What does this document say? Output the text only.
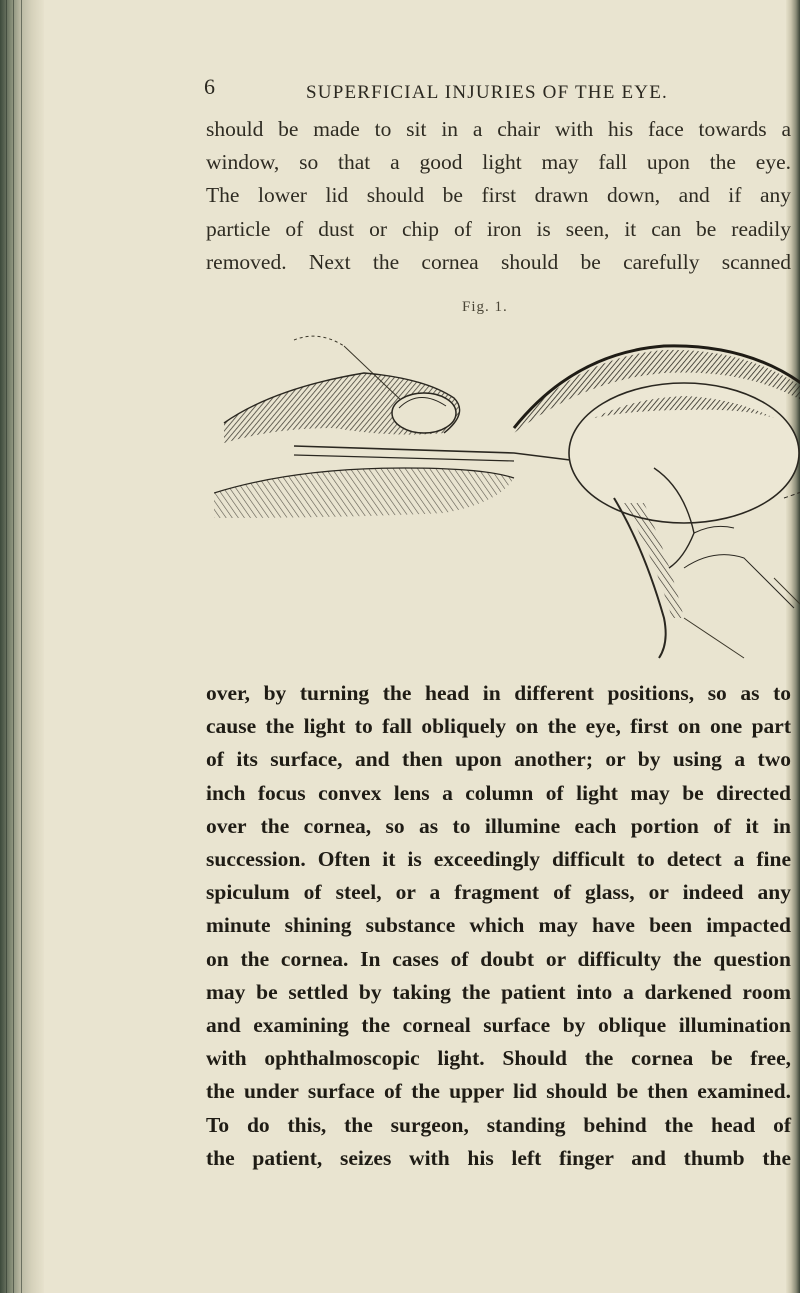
6	SUPERFICIAL INJURIES OF THE EYE.
should be made to sit in a chair with his face towards a
window, so that a good light may fall upon the eye.
The lower lid should be first drawn down, and if any
particle of dust or chip of iron is seen, it can be readily
removed. Next the cornea should be carefully scanned
Fig. 1.
over, by turning the head in different positions, so as to
cause the light to fall obliquely on the eye, first on one part
of its surface, and then upon another; or by using a two
inch focus convex lens a column of light may be directed
over the cornea, so as to illumine each portion of it in
succession. Often it is exceedingly difficult to detect a fine
spiculum of steel, or a fragment of glass, or indeed any
minute shining substance which may have been impacted
on the cornea. In cases of doubt or difficulty the question
may be settled by taking the patient into a darkened room
and examining the corneal surface by oblique illumination
with ophthalmoscopic light. Should the cornea be free,
the under surface of the upper lid should be then examined.
To do this, the surgeon, standing behind the head of
the patient, seizes with his left finger and thumb the
